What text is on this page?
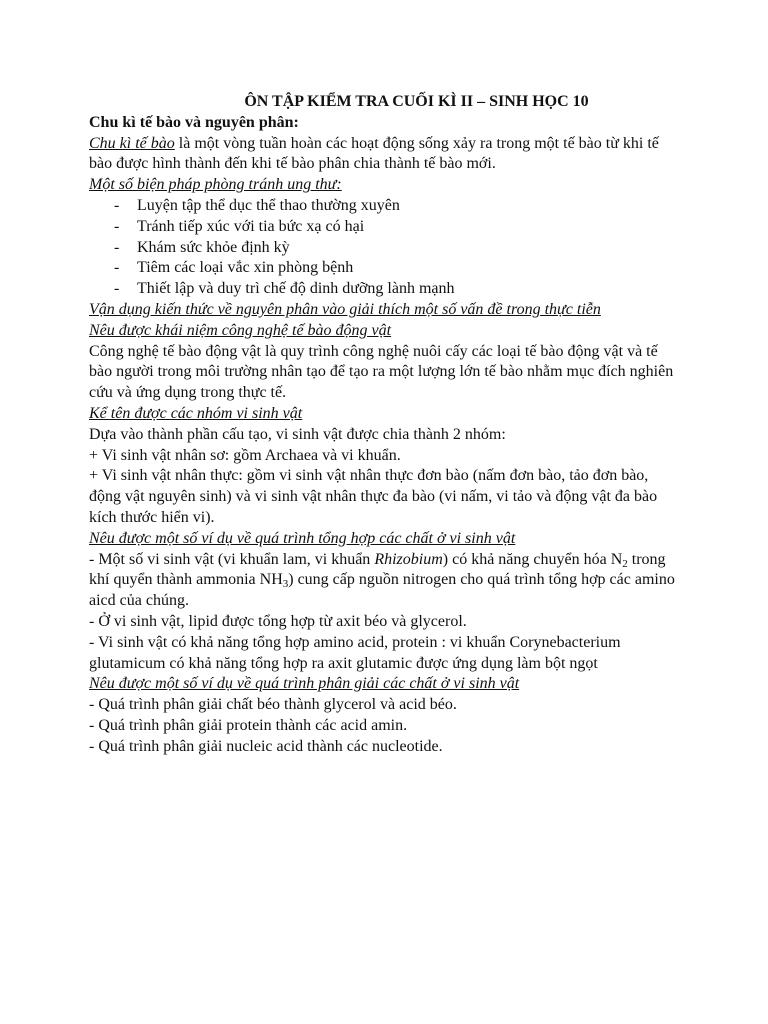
ÔN TẬP KIỂM TRA CUỐI KÌ II – SINH HỌC 10

Chu kì tế bào và nguyên phân:

Chu kì tế bào là một vòng tuần hoàn các hoạt động sống xảy ra trong một tế bào từ khi tế bào được hình thành đến khi tế bào phân chia thành tế bào mới.

Một số biện pháp phòng tránh ung thư:

- Luyện tập thể dục thể thao thường xuyên
- Tránh tiếp xúc với tia bức xạ có hại
- Khám sức khỏe định kỳ
- Tiêm các loại vắc xin phòng bệnh
- Thiết lập và duy trì chế độ dinh dưỡng lành mạnh

Vận dụng kiến thức về nguyên phân vào giải thích một số vấn đề trong thực tiễn

Nêu được khái niệm công nghệ tế bào động vật

Công nghệ tế bào động vật là quy trình công nghệ nuôi cấy các loại tế bào động vật và tế bào người trong môi trường nhân tạo để tạo ra một lượng lớn tế bào nhằm mục đích nghiên cứu và ứng dụng trong thực tế.

Kể tên được các nhóm vi sinh vật

Dựa vào thành phần cấu tạo, vi sinh vật được chia thành 2 nhóm:

+ Vi sinh vật nhân sơ: gồm Archaea và vi khuẩn.

+ Vi sinh vật nhân thực: gồm vi sinh vật nhân thực đơn bào (nấm đơn bào, tảo đơn bào, động vật nguyên sinh) và vi sinh vật nhân thực đa bào (vi nấm, vi tảo và động vật đa bào kích thước hiển vi).

Nêu được một số ví dụ về quá trình tổng hợp các chất ở vi sinh vật

- Một số vi sinh vật (vi khuẩn lam, vi khuẩn Rhizobium) có khả năng chuyển hóa $N_2$ trong khí quyển thành ammonia $NH_3$) cung cấp nguồn nitrogen cho quá trình tổng hợp các amino aicd của chúng.

- Ở vi sinh vật, lipid được tổng hợp từ axit béo và glycerol.

- Vi sinh vật có khả năng tổng hợp amino acid, protein : vi khuẩn Corynebacterium glutamicum có khả năng tổng hợp ra axit glutamic được ứng dụng làm bột ngọt

Nêu được một số ví dụ về quá trình phân giải các chất ở vi sinh vật

- Quá trình phân giải chất béo thành glycerol và acid béo.

- Quá trình phân giải protein thành các acid amin.

- Quá trình phân giải nucleic acid thành các nucleotide.
